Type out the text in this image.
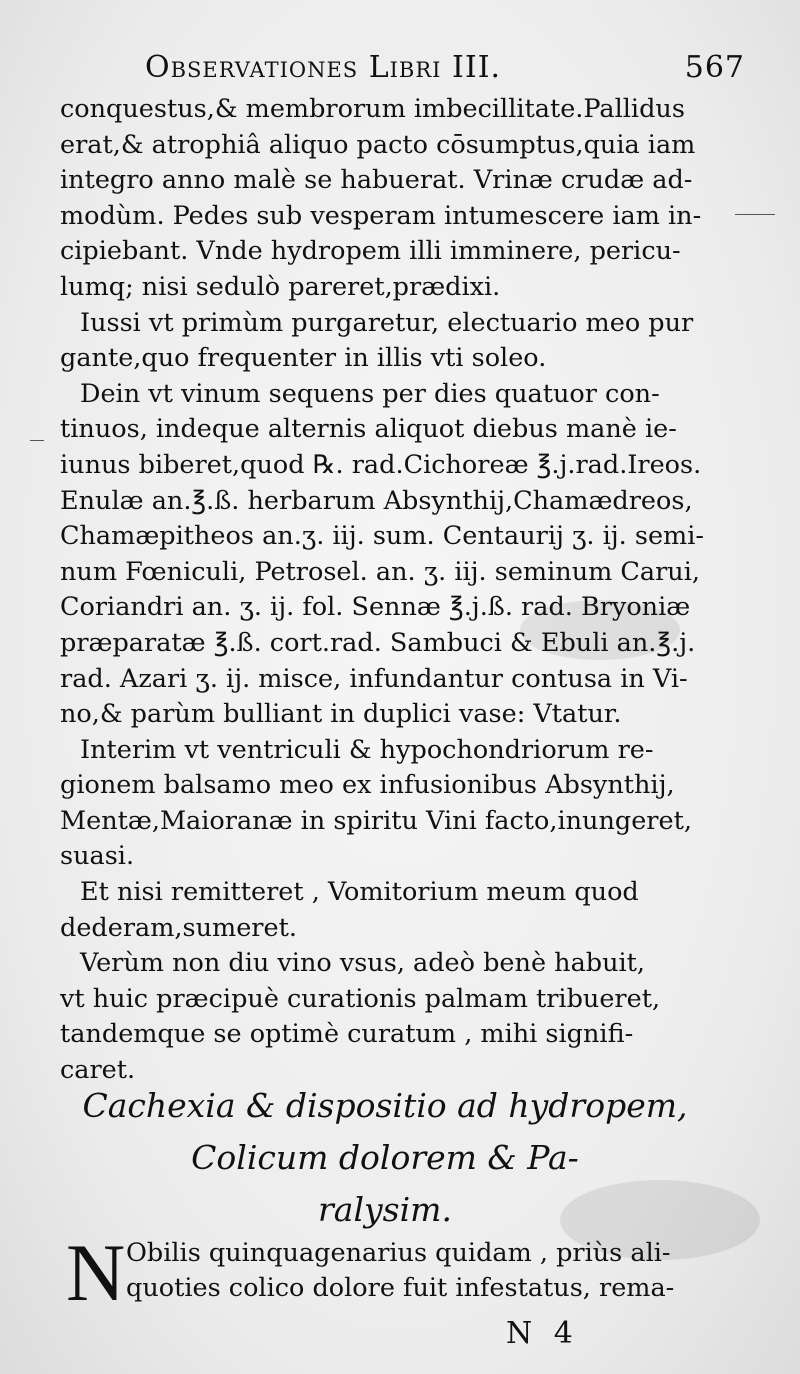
Observationes Libri III.	567
conquestus,& membrorum imbecillitate.Pallidus
erat,& atrophiâ aliquo pacto cōsumptus,quia iam
integro anno malè se habuerat. Vrinæ crudæ ad-
modùm. Pedes sub vesperam intumescere iam in-
cipiebant. Vnde hydropem illi imminere, pericu-
lumq; nisi sedulò pareret,prædixi.
Iussi vt primùm purgaretur, electuario meo pur
gante,quo frequenter in illis vti soleo.
Dein vt vinum sequens per dies quatuor con-
tinuos, indeque alternis aliquot diebus manè ie-
iunus biberet,quod ℞. rad.Cichoreæ ℥.j.rad.Ireos.
Enulæ an.℥.ß. herbarum Absynthij,Chamædreos,
Chamæpitheos an.ʒ. iij. sum. Centaurij ʒ. ij. semi-
num Fœniculi, Petrosel. an. ʒ. iij. seminum Carui,
Coriandri an. ʒ. ij. fol. Sennæ ℥.j.ß. rad. Bryoniæ
præparatæ ℥.ß. cort.rad. Sambuci & Ebuli an.℥.j.
rad. Azari ʒ. ij. misce, infundantur contusa in Vi-
no,& parùm bulliant in duplici vase: Vtatur.
Interim vt ventriculi & hypochondriorum re-
gionem balsamo meo ex infusionibus Absynthij,
Mentæ,Maioranæ in spiritu Vini facto,inungeret,
suasi.
Et nisi remitteret , Vomitorium meum quod
dederam,sumeret.
Verùm non diu vino vsus, adeò benè habuit,
vt huic præcipuè curationis palmam tribueret,
tandemque se optimè curatum , mihi signifi-
caret.
Cachexia & dispositio ad hydropem,
Colicum dolorem & Pa-
ralysim.
N Obilis quinquagenarius quidam , priùs ali-
quoties colico dolore fuit infestatus, rema-
N 4
